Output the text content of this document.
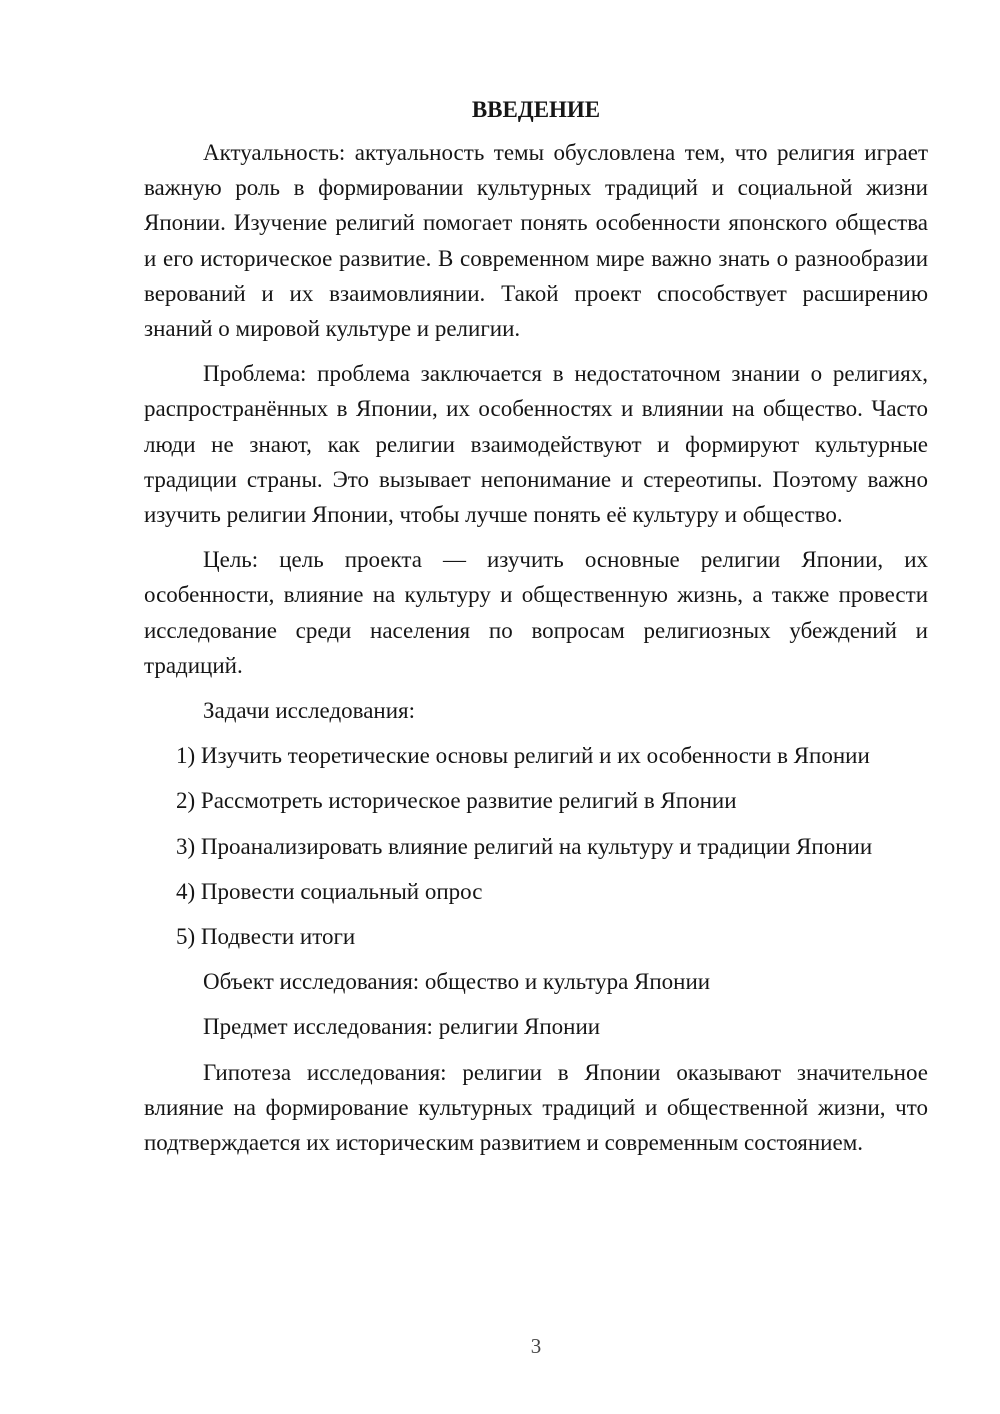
ВВЕДЕНИЕ

Актуальность: актуальность темы обусловлена тем, что религия играет важную роль в формировании культурных традиций и социальной жизни Японии. Изучение религий помогает понять особенности японского общества и его историческое развитие. В современном мире важно знать о разнообразии верований и их взаимовлиянии. Такой проект способствует расширению знаний о мировой культуре и религии.

Проблема: проблема заключается в недостаточном знании о религиях, распространённых в Японии, их особенностях и влиянии на общество. Часто люди не знают, как религии взаимодействуют и формируют культурные традиции страны. Это вызывает непонимание и стереотипы. Поэтому важно изучить религии Японии, чтобы лучше понять её культуру и общество.

Цель: цель проекта — изучить основные религии Японии, их особенности, влияние на культуру и общественную жизнь, а также провести исследование среди населения по вопросам религиозных убеждений и традиций.

Задачи исследования:

1) Изучить теоретические основы религий и их особенности в Японии

2) Рассмотреть историческое развитие религий в Японии

3) Проанализировать влияние религий на культуру и традиции Японии

4) Провести социальный опрос

5) Подвести итоги

Объект исследования: общество и культура Японии

Предмет исследования: религии Японии

Гипотеза исследования: религии в Японии оказывают значительное влияние на формирование культурных традиций и общественной жизни, что подтверждается их историческим развитием и современным состоянием.

3
